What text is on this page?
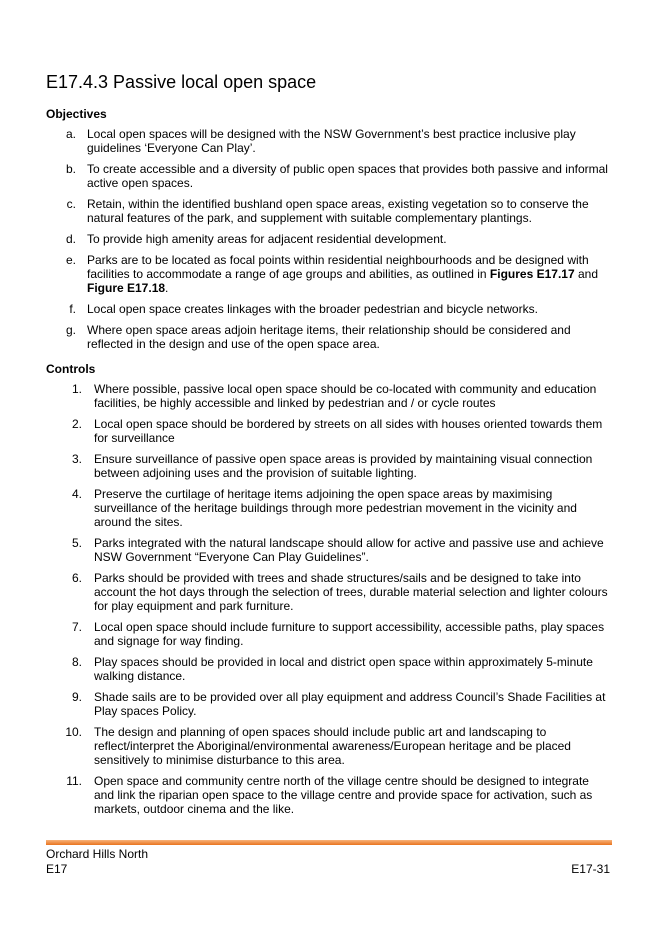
E17.4.3 Passive local open space
Objectives
a. Local open spaces will be designed with the NSW Government’s best practice inclusive play guidelines ‘Everyone Can Play’.
b. To create accessible and a diversity of public open spaces that provides both passive and informal active open spaces.
c. Retain, within the identified bushland open space areas, existing vegetation so to conserve the natural features of the park, and supplement with suitable complementary plantings.
d. To provide high amenity areas for adjacent residential development.
e. Parks are to be located as focal points within residential neighbourhoods and be designed with facilities to accommodate a range of age groups and abilities, as outlined in Figures E17.17 and Figure E17.18.
f. Local open space creates linkages with the broader pedestrian and bicycle networks.
g. Where open space areas adjoin heritage items, their relationship should be considered and reflected in the design and use of the open space area.
Controls
1. Where possible, passive local open space should be co-located with community and education facilities, be highly accessible and linked by pedestrian and / or cycle routes
2. Local open space should be bordered by streets on all sides with houses oriented towards them for surveillance
3. Ensure surveillance of passive open space areas is provided by maintaining visual connection between adjoining uses and the provision of suitable lighting.
4. Preserve the curtilage of heritage items adjoining the open space areas by maximising surveillance of the heritage buildings through more pedestrian movement in the vicinity and around the sites.
5. Parks integrated with the natural landscape should allow for active and passive use and achieve NSW Government “Everyone Can Play Guidelines”.
6. Parks should be provided with trees and shade structures/sails and be designed to take into account the hot days through the selection of trees, durable material selection and lighter colours for play equipment and park furniture.
7. Local open space should include furniture to support accessibility, accessible paths, play spaces and signage for way finding.
8. Play spaces should be provided in local and district open space within approximately 5-minute walking distance.
9. Shade sails are to be provided over all play equipment and address Council’s Shade Facilities at Play spaces Policy.
10. The design and planning of open spaces should include public art and landscaping to reflect/interpret the Aboriginal/environmental awareness/European heritage and be placed sensitively to minimise disturbance to this area.
11. Open space and community centre north of the village centre should be designed to integrate and link the riparian open space to the village centre and provide space for activation, such as markets, outdoor cinema and the like.
Orchard Hills North
E17	E17-31
